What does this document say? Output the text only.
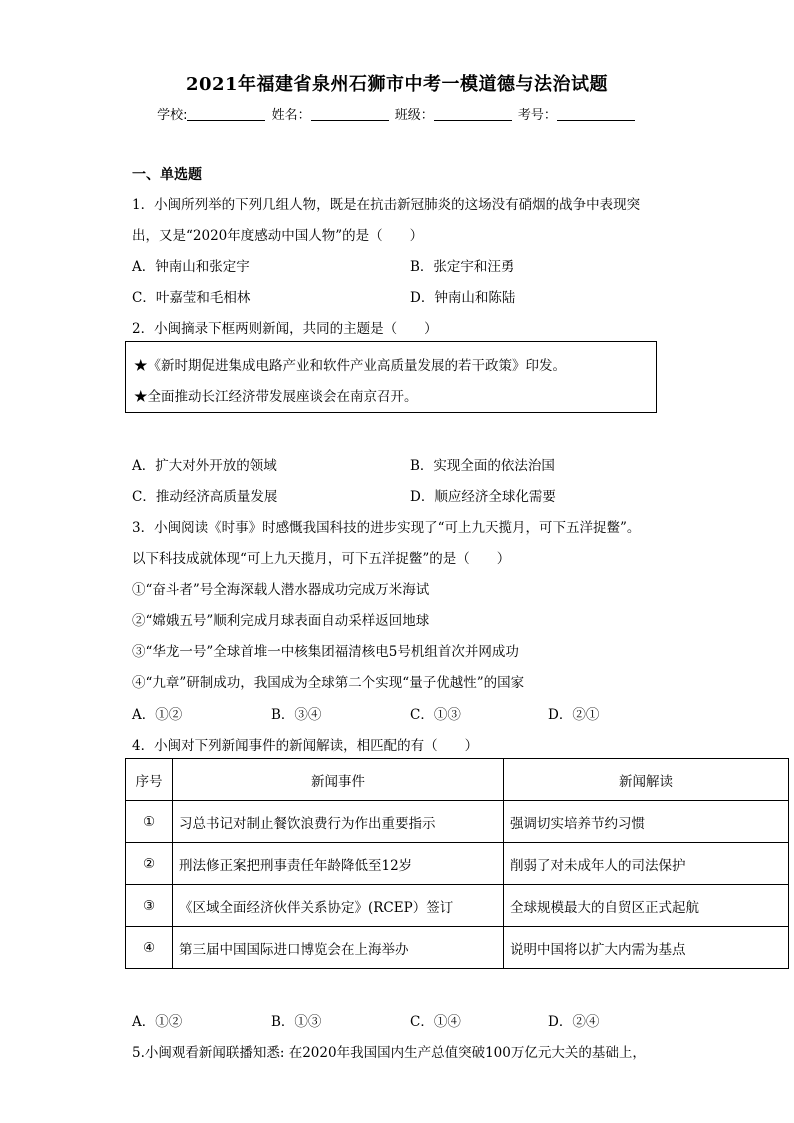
2021年福建省泉州石狮市中考一模道德与法治试题
学校:	姓名：	班级：	考号：
一、单选题
1．小闽所列举的下列几组人物，既是在抗击新冠肺炎的这场没有硝烟的战争中表现突
出，又是“2020年度感动中国人物”的是（　　）
A．钟南山和张定宇	B．张定宇和汪勇
C．叶嘉莹和毛相林	D．钟南山和陈陆
2．小闽摘录下框两则新闻，共同的主题是（　　）
★《新时期促进集成电路产业和软件产业高质量发展的若干政策》印发。
★全面推动长江经济带发展座谈会在南京召开。
A．扩大对外开放的领域	B．实现全面的依法治国
C．推动经济高质量发展	D．顺应经济全球化需要
3．小闽阅读《时事》时感慨我国科技的进步实现了“可上九天揽月，可下五洋捉鳖”。
以下科技成就体现“可上九天揽月，可下五洋捉鳖”的是（　　）
①“奋斗者”号全海深载人潜水器成功完成万米海试
②“嫦娥五号”顺利完成月球表面自动采样返回地球
③“华龙一号”全球首堆一中核集团福清核电5号机组首次并网成功
④“九章”研制成功，我国成为全球第二个实现“量子优越性”的国家
A．①②	B．③④	C．①③	D．②①
4．小闽对下列新闻事件的新闻解读，相匹配的有（　　）
序号	新闻事件	新闻解读
①	习总书记对制止餐饮浪费行为作出重要指示	强调切实培养节约习惯
②	刑法修正案把刑事责任年龄降低至12岁	削弱了对未成年人的司法保护
③	《区域全面经济伙伴关系协定》(RCEP）签订	全球规模最大的自贸区正式起航
④	第三届中国国际进口博览会在上海举办	说明中国将以扩大内需为基点
A．①②	B．①③	C．①④	D．②④
5.小闽观看新闻联播知悉: 在2020年我国国内生产总值突破100万亿元大关的基础上，
